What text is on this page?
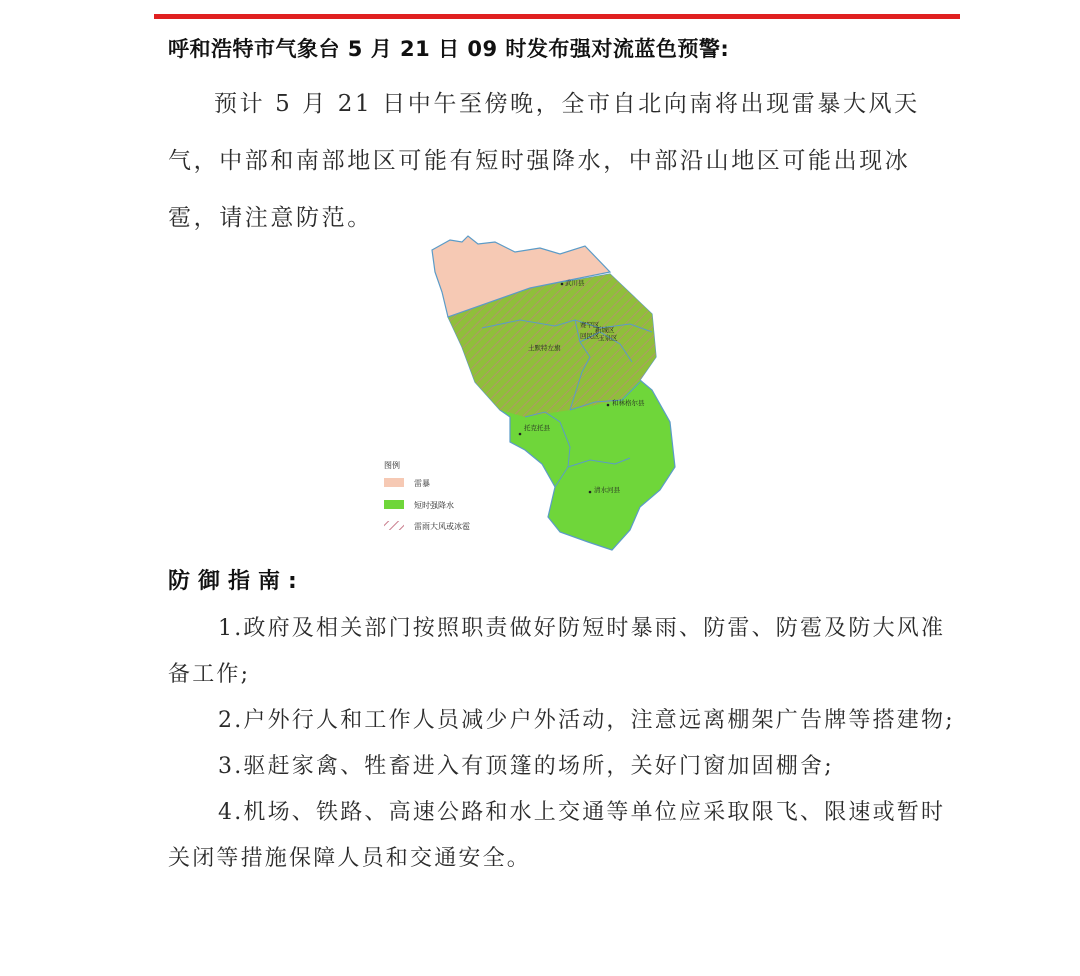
呼和浩特市气象台 5 月 21 日 09 时发布强对流蓝色预警:

预计 5 月 21 日中午至傍晚，全市自北向南将出现雷暴大风天气，中部和南部地区可能有短时强降水，中部沿山地区可能出现冰雹，请注意防范。

武川县
赛罕区
新城区
回民区
玉泉区
土默特左旗
和林格尔县
托克托县
清水河县
图例
雷暴
短时强降水
雷雨大风或冰雹
防御指南:

1.政府及相关部门按照职责做好防短时暴雨、防雷、防雹及防大风准备工作;

2.户外行人和工作人员减少户外活动，注意远离棚架广告牌等搭建物;

3.驱赶家禽、牲畜进入有顶篷的场所，关好门窗加固棚舍;

4.机场、铁路、高速公路和水上交通等单位应采取限飞、限速或暂时关闭等措施保障人员和交通安全。
